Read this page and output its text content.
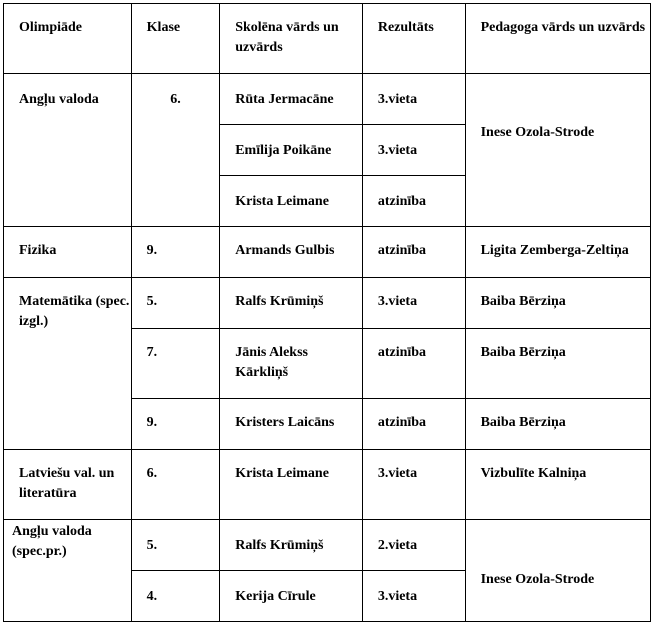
Olimpiāde	Klase	Skolēna vārds un uzvārds	Rezultāts	Pedagoga vārds un uzvārds

Angļu valoda	6.	Rūta Jermacāne	3.vieta	Inese Ozola-Strode

		Emīlija Poikāne	3.vieta	

		Krista Leimane	atzinība	

Fizika	9.	Armands Gulbis	atzinība	Ligita Zemberga-Zeltiņa

Matemātika (spec. izgl.)	5.	Ralfs Krūmiņš	3.vieta	Baiba Bērziņa

	7.	Jānis Alekss Kārkliņš	atzinība	Baiba Bērziņa

	9.	Kristers Laicāns	atzinība	Baiba Bērziņa

Latviešu val. un literatūra	6.	Krista Leimane	3.vieta	Vizbulīte Kalniņa

Angļu valoda (spec.pr.)	5.	Ralfs Krūmiņš	2.vieta	Inese Ozola-Strode

	4.	Kerija Cīrule	3.vieta	
